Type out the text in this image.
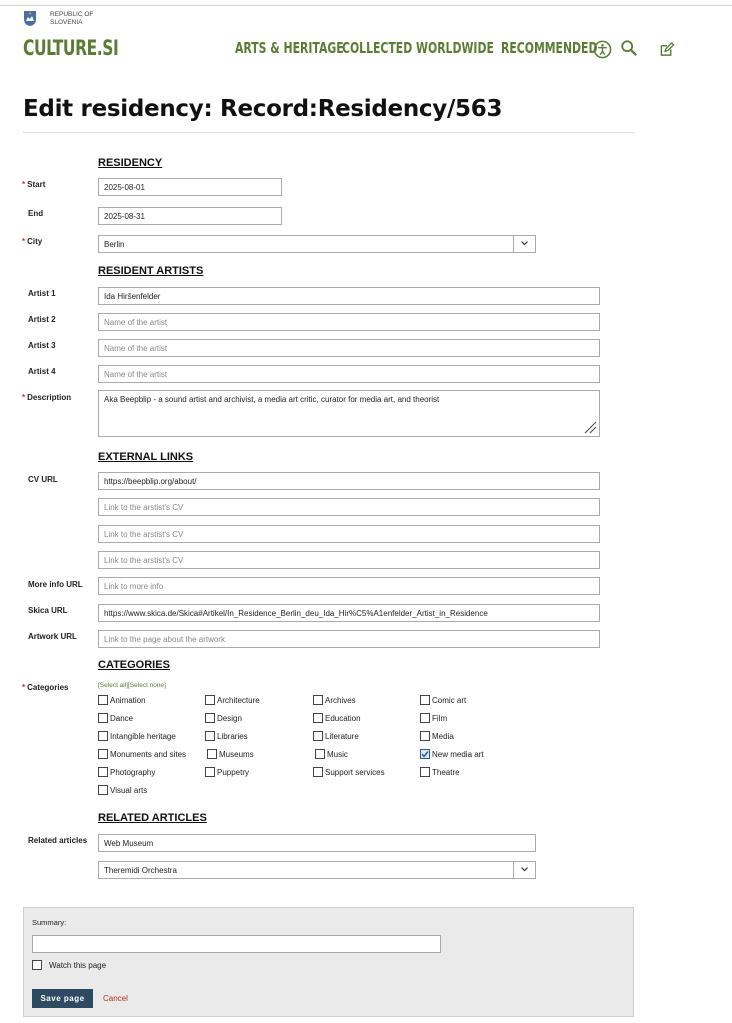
REPUBLIC OF
SLOVENIA
CULTURE.SI	ARTS & HERITAGE
COLLECTED WORLDWIDE RECOMMENDED
Edit residency: Record:Residency/563
RESIDENCY
* Start	2025-08-01
End	2025-08-31
* City	Berlin
RESIDENT ARTISTS
Artist 1	Ida Hiršenfelder
Artist 2	Name of the artist
Artist 3	Name of the artist
Artist 4	Name of the artist
* Description	Aka Beepblip - a sound artist and archivist, a media art critic, curator for media art, and theorist
EXTERNAL LINKS
CV URL	https://beepblip.org/about/
Link to the arstist's CV
Link to the arstist's CV
Link to the arstist's CV
More info URL	Link to more info
Skica URL	https://www.skica.de/Skica#Artikel/In_Residence_Berlin_deu_Ida_Hir%C5%A1enfelder_Artist_in_Residence
Artwork URL	Link to the page about the artwork
CATEGORIES
* Categories	[Select all][Select none]
Animation	Architecture	Archives	Comic art
Dance	Design	Education	Film
Intangible heritage	Libraries	Literature	Media
Monuments and sites	Museums	Music	New media art
Photography	Puppetry	Support services	Theatre
Visual arts
RELATED ARTICLES
Related articles	Web Museum
Theremidi Orchestra
Summary:
Watch this page
Save page	Cancel
